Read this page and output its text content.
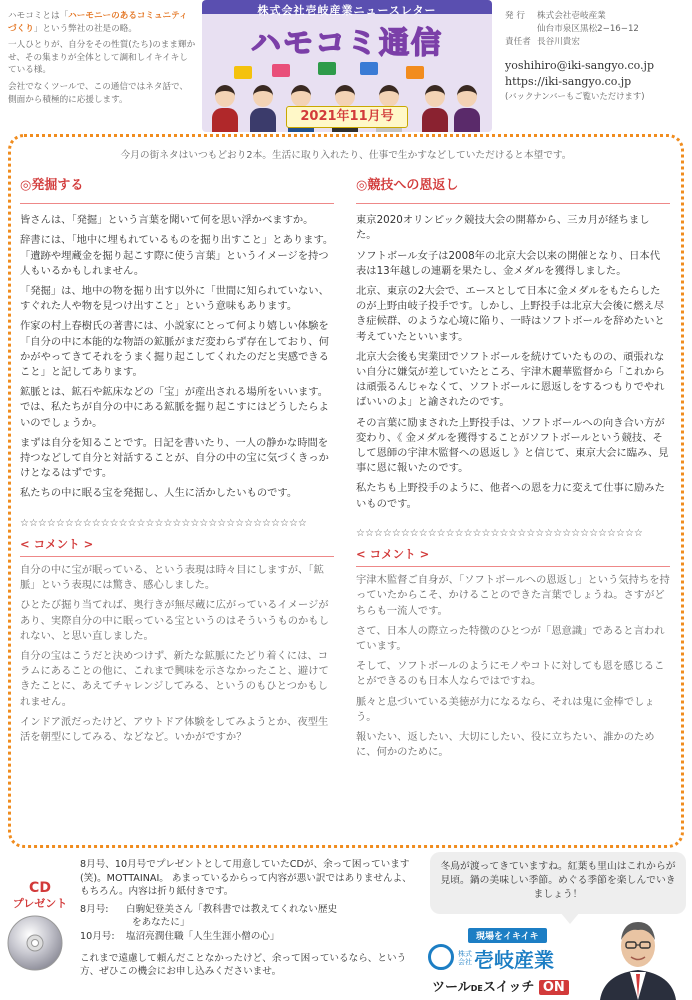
ハモコミとは「ハーモニーのあるコミュニティづくり」という弊社の社是の略。

一人ひとりが、自分をその性質(たち)のまま輝かせ、その集まりが全体として調和しイキイキしている様。

会社でなくツールで、この通信ではネタ話で、側面から積極的に応援します。

株式会社壱岐産業ニュースレター
ハモコミ通信
2021年11月号
発 行	株式会社壱岐産業
仙台市泉区黒松2−16−12
責任者 長谷川貴宏
yoshihiro@iki-sangyo.co.jp
https://iki-sangyo.co.jp
(バックナンバーもご覧いただけます)
今月の街ネタはいつもどおり2本。生活に取り入れたり、仕事で生かすなどしていただけると本望です。
◎発掘する

皆さんは、「発掘」という言葉を聞いて何を思い浮かべますか。

辞書には、「地中に埋もれているものを掘り出すこと」とあります。「遺跡や埋蔵金を掘り起こす際に使う言葉」というイメージを持つ人もいるかもしれません。

「発掘」は、地中の物を掘り出す以外に「世間に知られていない、すぐれた人や物を見つけ出すこと」という意味もあります。

作家の村上春樹氏の著書には、小説家にとって何より嬉しい体験を「自分の中に本能的な物語の鉱脈がまだ変わらず存在しており、何かがやってきてそれをうまく掘り起こしてくれたのだと実感できること」と記してあります。

鉱脈とは、鉱石や鉱床などの「宝」が産出される場所をいいます。では、私たちが自分の中にある鉱脈を掘り起こすにはどうしたらよいのでしょうか。

まずは自分を知ることです。日記を書いたり、一人の静かな時間を持つなどして自分と対話することが、自分の中の宝に気づくきっかけとなるはずです。

私たちの中に眠る宝を発掘し、人生に活かしたいものです。

☆☆☆☆☆☆☆☆☆☆☆☆☆☆☆☆☆☆☆☆☆☆☆☆☆☆☆☆☆☆☆☆
< コメント >

自分の中に宝が眠っている、という表現は時々目にしますが、「鉱脈」という表現には驚き、感心しました。

ひとたび掘り当てれば、奥行きが無尽蔵に広がっているイメージがあり、実際自分の中に眠っている宝というのはそういうものかもしれない、と思い直しました。

自分の宝はこうだと決めつけず、新たな鉱脈にたどり着くには、コラムにあることの他に、これまで興味を示さなかったこと、避けてきたことに、あえてチャレンジしてみる、というのもひとつかもしれません。

インドア派だったけど、アウトドア体験をしてみようとか、夜型生活を朝型にしてみる、などなど。いかがですか？

◎競技への恩返し

東京2020オリンピック競技大会の開幕から、三カ月が経ちました。

ソフトボール女子は2008年の北京大会以来の開催となり、日本代表は13年越しの連覇を果たし、金メダルを獲得しました。

北京、東京の2大会で、エースとして日本に金メダルをもたらしたのが上野由岐子投手です。しかし、上野投手は北京大会後に燃え尽き症候群、のような心境に陥り、一時はソフトボールを辞めたいと考えていたといいます。

北京大会後も実業団でソフトボールを続けていたものの、頑張れない自分に嫌気が差していたところ、宇津木麗華監督から「これからは頑張るんじゃなくて、ソフトボールに恩返しをするつもりでやればいいのよ」と諭されたのです。

その言葉に励まされた上野投手は、ソフトボールへの向き合い方が変わり、《 金メダルを獲得することがソフトボールという競技、そして恩師の宇津木監督への恩返し 》と信じて、東京大会に臨み、見事に恩に報いたのです。

私たちも上野投手のように、他者への恩を力に変えて仕事に励みたいものです。

☆☆☆☆☆☆☆☆☆☆☆☆☆☆☆☆☆☆☆☆☆☆☆☆☆☆☆☆☆☆☆☆
< コメント >

宇津木監督ご自身が、「ソフトボールへの恩返し」という気持ちを持っていたからこそ、かけることのできた言葉でしょうね。さすがどちらも一流人です。

さて、日本人の際立った特徴のひとつが「恩意識」であると言われています。

そして、ソフトボールのようにモノやコトに対しても恩を感じることができるのも日本人ならではですね。

脈々と息づいている美徳が力になるなら、それは鬼に金棒でしょう。

報いたい、返したい、大切にしたい、役に立ちたい、誰かのために、何かのために。

CD
プレゼント

8月号、10月号でプレゼントとして用意していたCDが、余って困っています(笑)。MOTTAINAI。 あまっているからって内容が悪い訳ではありませんよ、もちろん。内容は折り紙付きです。

8月号: 白駒妃登美さん「教科書では教えてくれない歴史
をあなたに」
10月号: 塩沼亮潤住職「人生生涯小僧の心」

これまで遠慮して頼んだことなかったけど、余って困っているなら、という方、ぜひこの機会にお申し込みくださいませ。

冬鳥が渡ってきていますね。紅葉も里山はこれからが見頃。鍋の美味しい季節。めぐる季節を楽しんでいきましょう！
現場をイキイキ
株式会社 壱岐産業
ツールDEスイッチ ON
